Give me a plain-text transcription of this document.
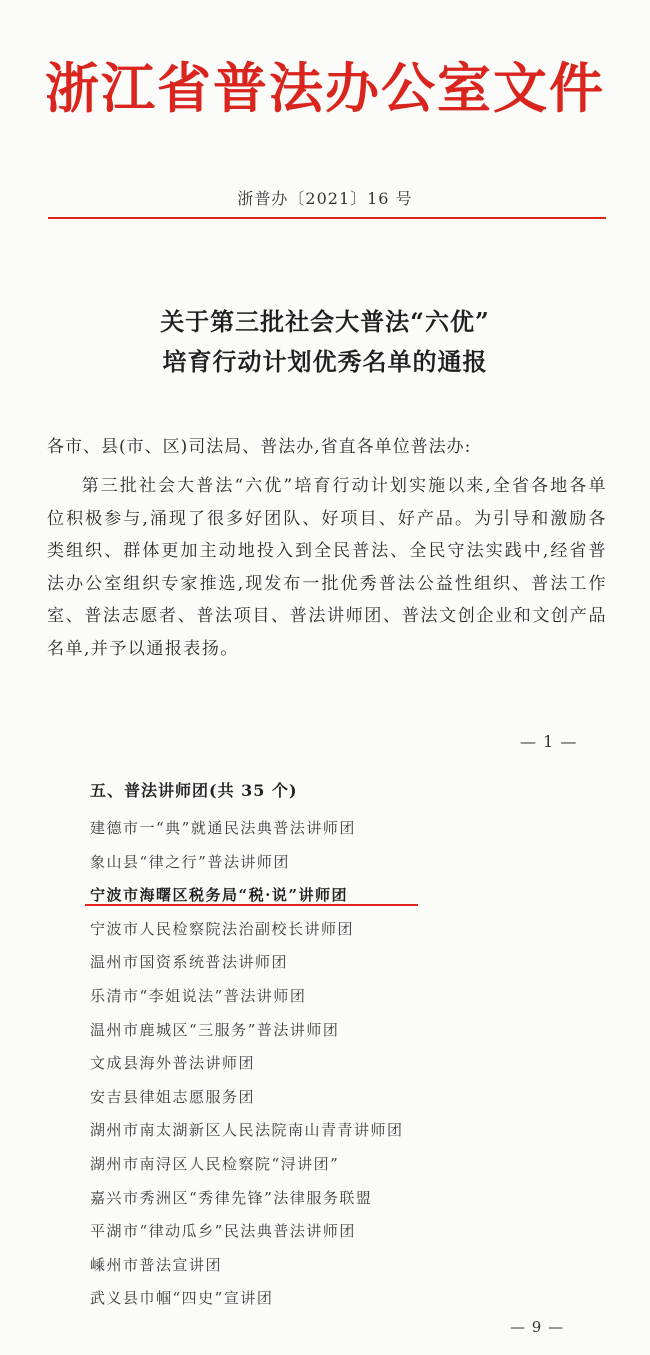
浙江省普法办公室文件
浙普办〔2021〕16 号
关于第三批社会大普法“六优”
培育行动计划优秀名单的通报
各市、县(市、区)司法局、普法办,省直各单位普法办:
第三批社会大普法“六优”培育行动计划实施以来,全省各地各单位积极参与,涌现了很多好团队、好项目、好产品。为引导和激励各类组织、群体更加主动地投入到全民普法、全民守法实践中,经省普法办公室组织专家推选,现发布一批优秀普法公益性组织、普法工作室、普法志愿者、普法项目、普法讲师团、普法文创企业和文创产品名单,并予以通报表扬。
— 1 —
五、普法讲师团(共 35 个)
建德市一“典”就通民法典普法讲师团
象山县“律之行”普法讲师团
宁波市海曙区税务局“税·说”讲师团
宁波市人民检察院法治副校长讲师团
温州市国资系统普法讲师团
乐清市“李姐说法”普法讲师团
温州市鹿城区“三服务”普法讲师团
文成县海外普法讲师团
安吉县律姐志愿服务团
湖州市南太湖新区人民法院南山青青讲师团
湖州市南浔区人民检察院“浔讲团”
嘉兴市秀洲区“秀律先锋”法律服务联盟
平湖市“律动瓜乡”民法典普法讲师团
嵊州市普法宣讲团
武义县巾帼“四史”宣讲团
— 9 —
